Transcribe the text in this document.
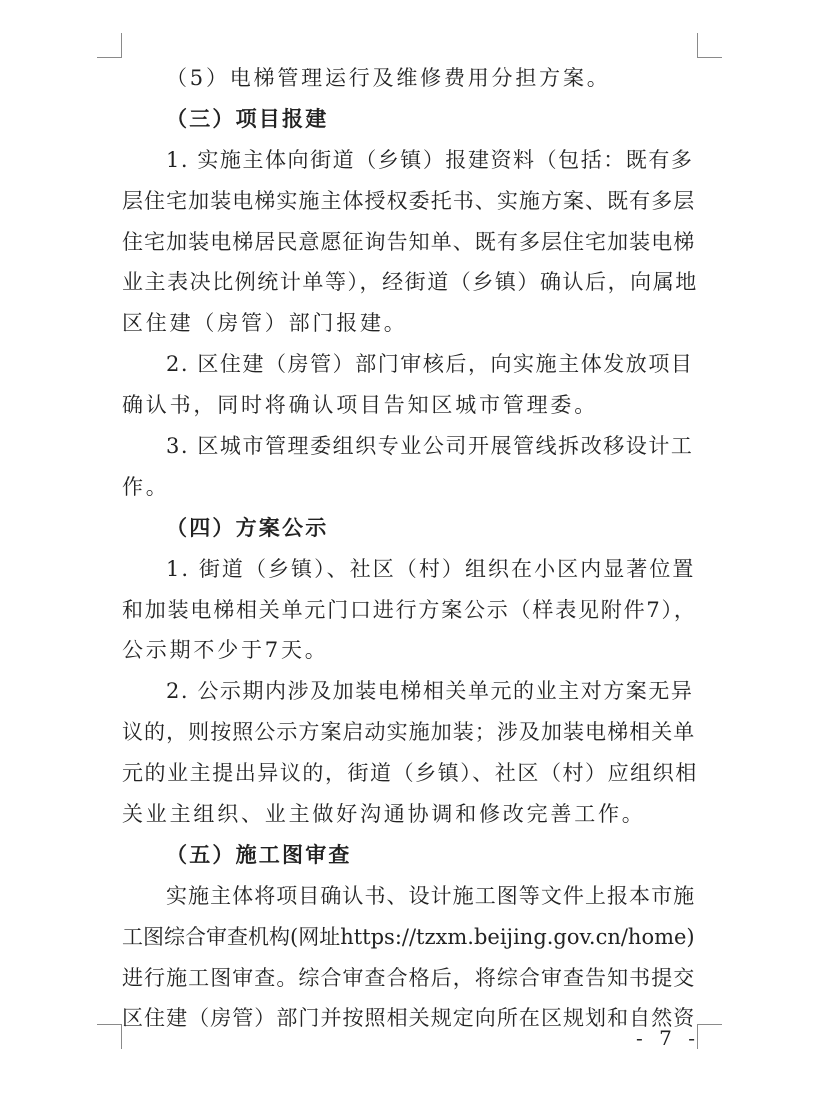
（5）电梯管理运行及维修费用分担方案。
（三）项目报建
1. 实施主体向街道（乡镇）报建资料（包括：既有多
层住宅加装电梯实施主体授权委托书、实施方案、既有多层
住宅加装电梯居民意愿征询告知单、既有多层住宅加装电梯
业主表决比例统计单等），经街道（乡镇）确认后，向属地
区住建（房管）部门报建。
2. 区住建（房管）部门审核后，向实施主体发放项目
确认书，同时将确认项目告知区城市管理委。
3. 区城市管理委组织专业公司开展管线拆改移设计工
作。
（四）方案公示
1. 街道（乡镇）、社区（村）组织在小区内显著位置
和加装电梯相关单元门口进行方案公示（样表见附件7），
公示期不少于7天。
2. 公示期内涉及加装电梯相关单元的业主对方案无异
议的，则按照公示方案启动实施加装；涉及加装电梯相关单
元的业主提出异议的，街道（乡镇）、社区（村）应组织相
关业主组织、业主做好沟通协调和修改完善工作。
（五）施工图审查
实施主体将项目确认书、设计施工图等文件上报本市施
工图综合审查机构(网址https://tzxm.beijing.gov.cn/home)
进行施工图审查。综合审查合格后，将综合审查告知书提交
区住建（房管）部门并按照相关规定向所在区规划和自然资
- 7 -
